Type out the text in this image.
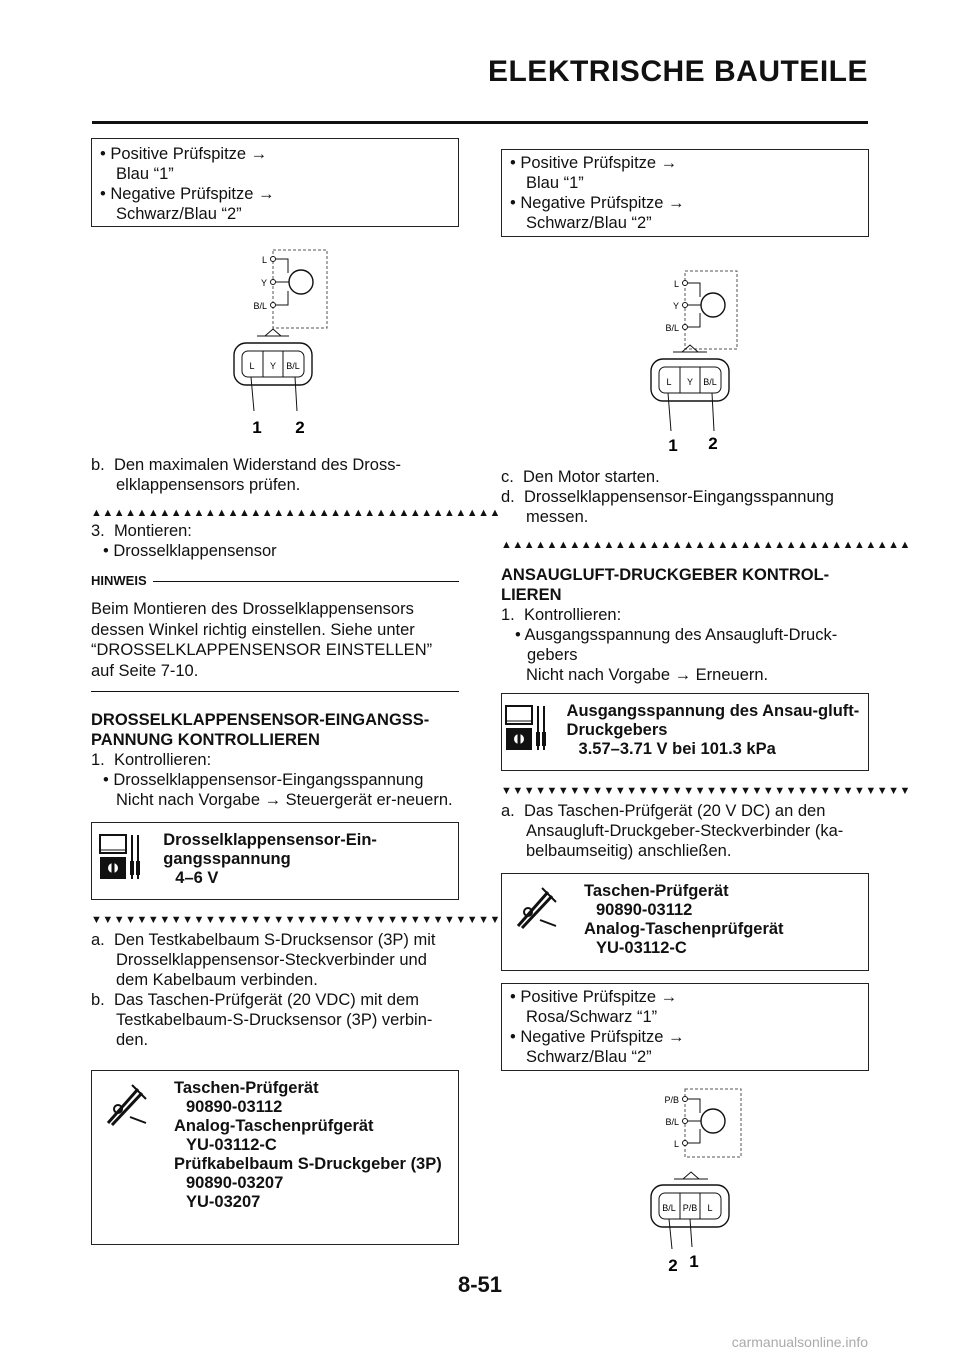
ELEKTRISCHE BAUTEILE
• Positive Prüfspitze →
Blau “1”
• Negative Prüfspitze →
Schwarz/Blau “2”
L
Y
B/L
L Y B/L
1 2
b. Den maximalen Widerstand des Dross-elklappensensors prüfen.
▲▲▲▲▲▲▲▲▲▲▲▲▲▲▲▲▲▲▲▲▲▲▲▲▲▲▲▲▲▲▲▲▲▲▲▲
3. Montieren:
• Drosselklappensensor
HINWEIS
Beim Montieren des Drosselklappensensors dessen Winkel richtig einstellen. Siehe unter “DROSSELKLAPPENSENSOR EINSTELLEN” auf Seite 7-10.
DROSSELKLAPPENSENSOR-EINGANGSS-PANNUNG KONTROLLIEREN
1. Kontrollieren:
• Drosselklappensensor-Eingangsspannung
Nicht nach Vorgabe → Steuergerät er-neuern.
Drosselklappensensor-Ein-gangsspannung
4–6 V
▼▼▼▼▼▼▼▼▼▼▼▼▼▼▼▼▼▼▼▼▼▼▼▼▼▼▼▼▼▼▼▼▼▼▼▼
a. Den Testkabelbaum S-Drucksensor (3P) mit Drosselklappensensor-Steckverbinder und dem Kabelbaum verbinden.
b. Das Taschen-Prüfgerät (20 VDC) mit dem Testkabelbaum-S-Drucksensor (3P) verbin-den.
Taschen-Prüfgerät
90890-03112
Analog-Taschenprüfgerät
YU-03112-C
Prüfkabelbaum S-Druckgeber (3P)
90890-03207
YU-03207
• Positive Prüfspitze →
Blau “1”
• Negative Prüfspitze →
Schwarz/Blau “2”
L
Y
B/L
L Y B/L
1 2
c. Den Motor starten.
d. Drosselklappensensor-Eingangsspannung messen.
▲▲▲▲▲▲▲▲▲▲▲▲▲▲▲▲▲▲▲▲▲▲▲▲▲▲▲▲▲▲▲▲▲▲▲▲
ANSAUGLUFT-DRUCKGEBER KONTROL-LIEREN
1. Kontrollieren:
• Ausgangsspannung des Ansaugluft-Druck-gebers
Nicht nach Vorgabe → Erneuern.
Ausgangsspannung des Ansau-gluft-Druckgebers
3.57–3.71 V bei 101.3 kPa
▼▼▼▼▼▼▼▼▼▼▼▼▼▼▼▼▼▼▼▼▼▼▼▼▼▼▼▼▼▼▼▼▼▼▼▼
a. Das Taschen-Prüfgerät (20 V DC) an den Ansaugluft-Druckgeber-Steckverbinder (ka-belbaumseitig) anschließen.
Taschen-Prüfgerät
90890-03112
Analog-Taschenprüfgerät
YU-03112-C
• Positive Prüfspitze →
Rosa/Schwarz “1”
• Negative Prüfspitze →
Schwarz/Blau “2”
P/B
B/L
L
B/L P/B L
2 1
8-51
carmanualsonline.info
